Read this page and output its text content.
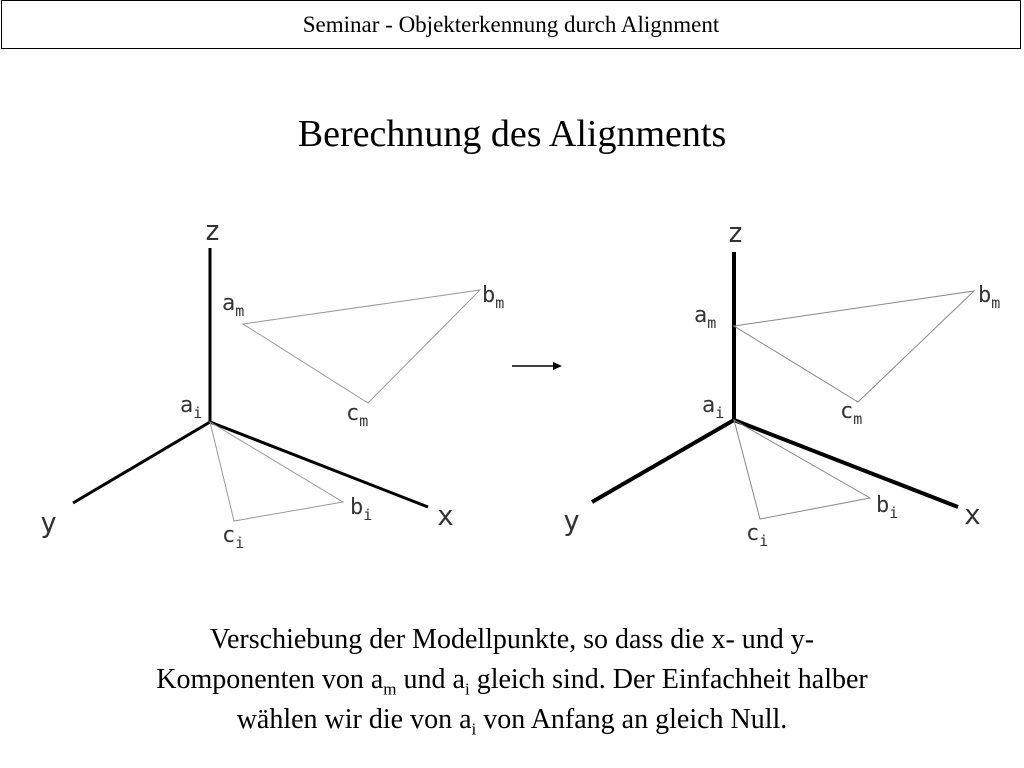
Seminar - Objekterkennung durch Alignment
Berechnung des Alignments
z
y	x
$a_m$
$b_m$
$c_m$
$a_i$
$b_i$
$c_i$
z
y	x
$a_m$
$b_m$
$c_m$
$a_i$
$b_i$
$c_i$
Verschiebung der Modellpunkte, so dass die x- und y-
Komponenten von $a_m$ und $a_i$ gleich sind. Der Einfachheit halber
wählen wir die von $a_i$ von Anfang an gleich Null.
